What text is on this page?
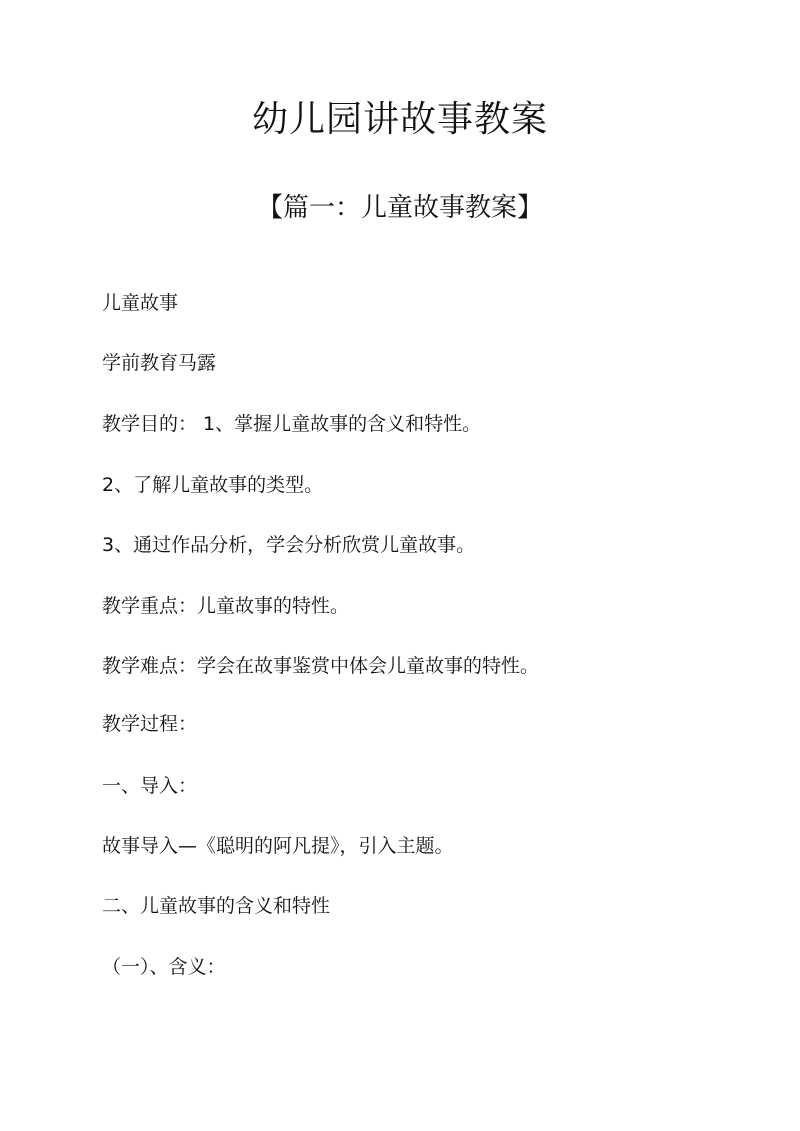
幼儿园讲故事教案
【篇一：儿童故事教案】
儿童故事
学前教育马露
教学目的： 1、掌握儿童故事的含义和特性。
2、了解儿童故事的类型。
3、通过作品分析，学会分析欣赏儿童故事。
教学重点：儿童故事的特性。
教学难点：学会在故事鉴赏中体会儿童故事的特性。
教学过程：
一、导入：
故事导入—《聪明的阿凡提》，引入主题。
二、儿童故事的含义和特性
（一）、含义：
